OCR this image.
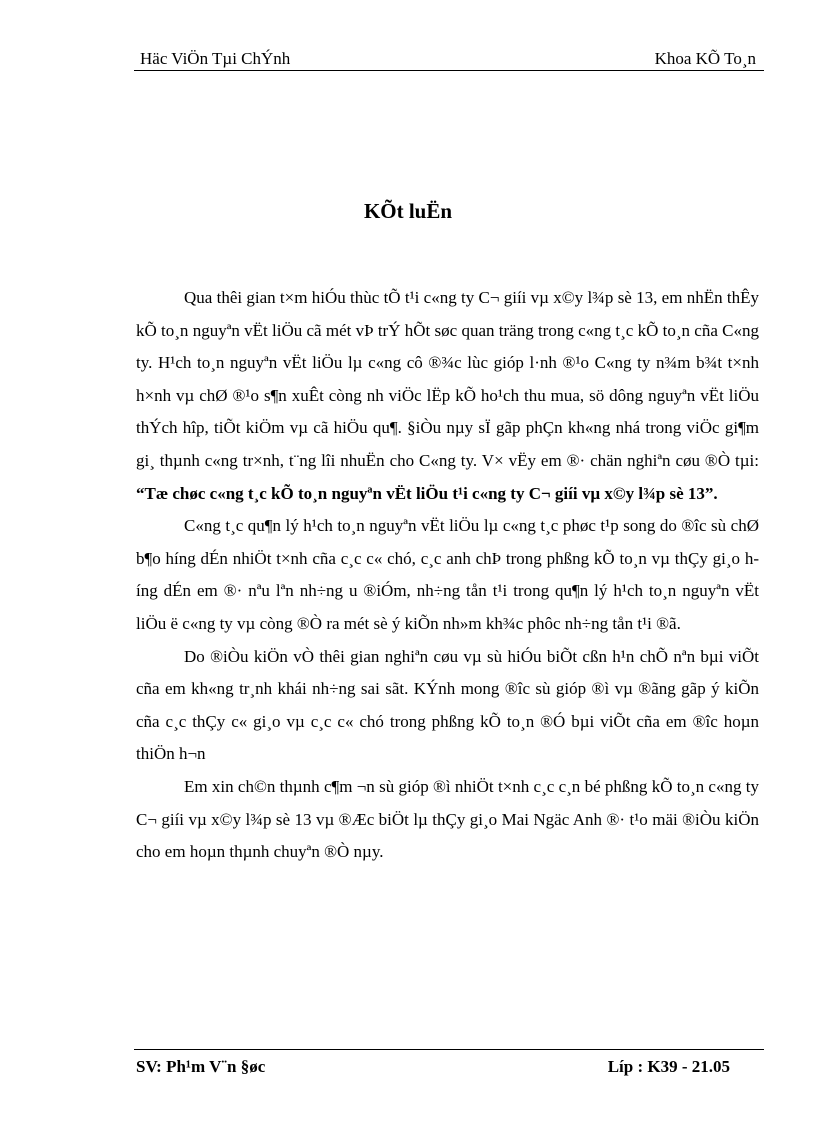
Häc ViÖn Tµi ChÝnh	Khoa KÕ To¸n
KÕt luËn

Qua thêi gian t×m hiÓu thùc tÕ t¹i c«ng ty C¬ giíi vµ x©y l¾p sè 13, em nhËn thÊy kÕ to¸n nguyªn vËt liÖu cã mét vÞ trÝ hÕt søc quan träng trong c«ng t¸c kÕ to¸n cña C«ng ty. H¹ch to¸n nguyªn vËt liÖu lµ c«ng cô ®¾c lùc gióp l·nh ®¹o C«ng ty n¾m b¾t t×nh h×nh vµ chØ ®¹o s¶n xuÊt còng nh viÖc lËp kÕ ho¹ch thu mua, sö dông nguyªn vËt liÖu thÝch hîp, tiÕt kiÖm vµ cã hiÖu qu¶. §iÒu nµy sÏ gãp phÇn kh«ng nhá trong viÖc gi¶m gi¸ thµnh c«ng tr×nh, t¨ng lîi nhuËn cho C«ng ty. V× vËy em ®· chän nghiªn cøu ®Ò tµi: “Tæ chøc c«ng t¸c kÕ to¸n nguyªn vËt liÖu t¹i c«ng ty C¬ giíi vµ x©y l¾p sè 13”.

C«ng t¸c qu¶n lý h¹ch to¸n nguyªn vËt liÖu lµ c«ng t¸c phøc t¹p song do ®îc sù chØ b¶o híng dÉn nhiÖt t×nh cña c¸c c« chó, c¸c anh chÞ trong phßng kÕ to¸n vµ thÇy gi¸o híng dÉn em ®· nªu lªn nh÷ng u ®iÓm, nh÷ng tån t¹i trong qu¶n lý h¹ch to¸n nguyªn vËt liÖu ë c«ng ty vµ còng ®Ò ra mét sè ý kiÕn nh»m kh¾c phôc nh÷ng tån t¹i ®ã.

Do ®iÒu kiÖn vÒ thêi gian nghiªn cøu vµ sù hiÓu biÕt cßn h¹n chÕ nªn bµi viÕt cña em kh«ng tr¸nh khái nh÷ng sai sãt. KÝnh mong ®îc sù gióp ®ì vµ ®ãng gãp ý kiÕn cña c¸c thÇy c« gi¸o vµ c¸c c« chó trong phßng kÕ to¸n ®Ó bµi viÕt cña em ®îc hoµn thiÖn h¬n

Em xin ch©n thµnh c¶m ¬n sù gióp ®ì nhiÖt t×nh c¸c c¸n bé phßng kÕ to¸n c«ng ty C¬ giíi vµ x©y l¾p sè 13 vµ ®Æc biÖt lµ thÇy gi¸o Mai Ngäc Anh ®· t¹o mäi ®iÒu kiÖn cho em hoµn thµnh chuyªn ®Ò nµy.

SV: Ph¹m V¨n §øc	Líp : K39 - 21.05
